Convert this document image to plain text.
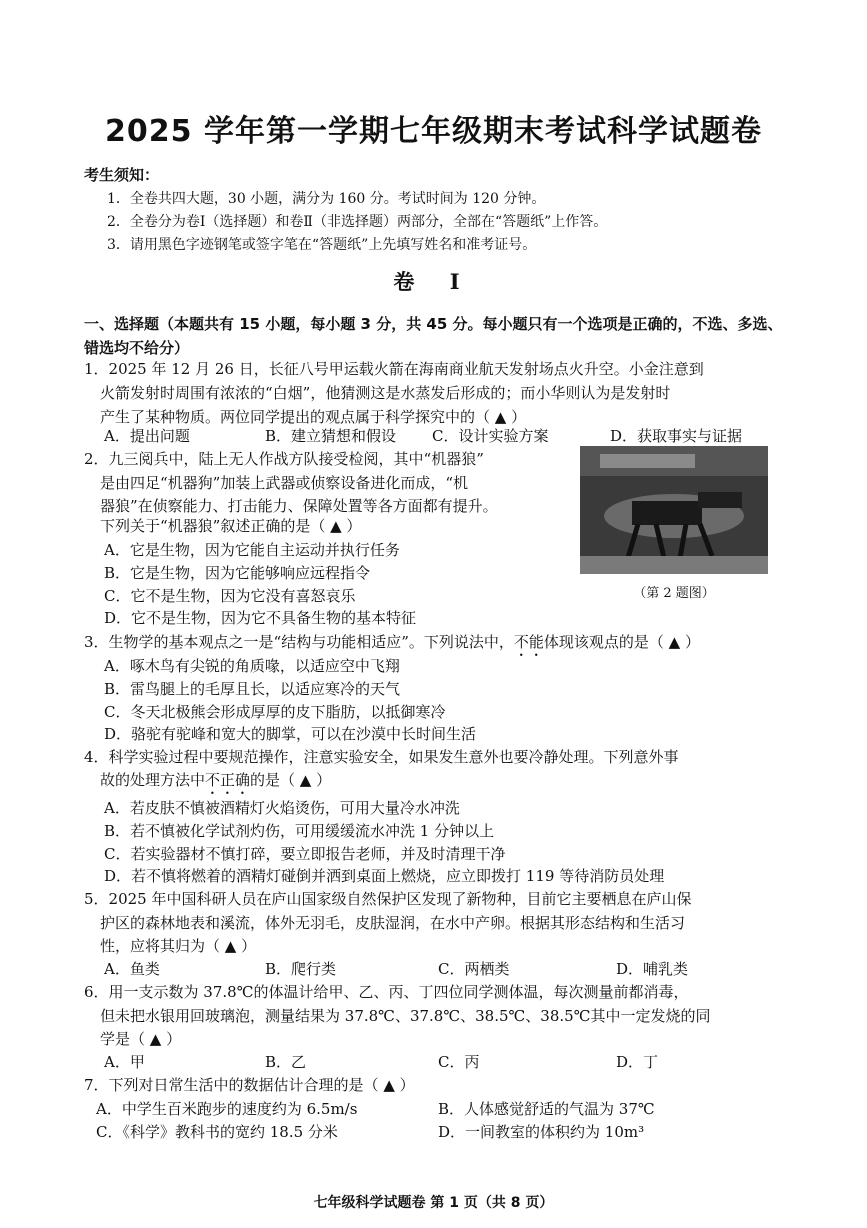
2025 学年第一学期七年级期末考试科学试题卷
考生须知：
1．全卷共四大题，30 小题，满分为 160 分。考试时间为 120 分钟。
2．全卷分为卷Ⅰ（选择题）和卷Ⅱ（非选择题）两部分，全部在“答题纸”上作答。
3．请用黑色字迹钢笔或签字笔在“答题纸”上先填写姓名和准考证号。
卷 Ⅰ
一、选择题（本题共有 15 小题，每小题 3 分，共 45 分。每小题只有一个选项是正确的，不选、多选、错选均不给分）
1．2025 年 12 月 26 日，长征八号甲运载火箭在海南商业航天发射场点火升空。小金注意到
火箭发射时周围有浓浓的“白烟”，他猜测这是水蒸发后形成的；而小华则认为是发射时
产生了某种物质。两位同学提出的观点属于科学探究中的（ ▲ ）
A．提出问题	B．建立猜想和假设 C．设计实验方案	D．获取事实与证据
2．九三阅兵中，陆上无人作战方队接受检阅，其中“机器狼”
是由四足“机器狗”加装上武器或侦察设备进化而成，“机
器狼”在侦察能力、打击能力、保障处置等各方面都有提升。
下列关于“机器狼”叙述正确的是（ ▲ ）
A．它是生物，因为它能自主运动并执行任务
B．它是生物，因为它能够响应远程指令
C．它不是生物，因为它没有喜怒哀乐
D．它不是生物，因为它不具备生物的基本特征
（第 2 题图）
3．生物学的基本观点之一是“结构与功能相适应”。下列说法中，不能体现该观点的是（ ▲ ）
A．啄木鸟有尖锐的角质喙，以适应空中飞翔
B．雷鸟腿上的毛厚且长，以适应寒冷的天气
C．冬天北极熊会形成厚厚的皮下脂肪，以抵御寒冷
D．骆驼有驼峰和宽大的脚掌，可以在沙漠中长时间生活
4．科学实验过程中要规范操作，注意实验安全，如果发生意外也要冷静处理。下列意外事
故的处理方法中不正确的是（ ▲ ）
A．若皮肤不慎被酒精灯火焰烫伤，可用大量冷水冲洗
B．若不慎被化学试剂灼伤，可用缓缓流水冲洗 1 分钟以上
C．若实验器材不慎打碎，要立即报告老师，并及时清理干净
D．若不慎将燃着的酒精灯碰倒并洒到桌面上燃烧，应立即拨打 119 等待消防员处理
5．2025 年中国科研人员在庐山国家级自然保护区发现了新物种，目前它主要栖息在庐山保
护区的森林地表和溪流，体外无羽毛，皮肤湿润，在水中产卵。根据其形态结构和生活习
性，应将其归为（ ▲ ）
A．鱼类	B．爬行类	C．两栖类	D．哺乳类
6．用一支示数为 37.8℃的体温计给甲、乙、丙、丁四位同学测体温，每次测量前都消毒，
但未把水银用回玻璃泡，测量结果为 37.8℃、37.8℃、38.5℃、38.5℃其中一定发烧的同
学是（ ▲ ）
A．甲	B．乙	C．丙	D．丁
7．下列对日常生活中的数据估计合理的是（ ▲ ）
A．中学生百米跑步的速度约为 6.5m/s	B．人体感觉舒适的气温为 37℃
C．《科学》教科书的宽约 18.5 分米	D．一间教室的体积约为 10m³
七年级科学试题卷 第 1 页（共 8 页）
